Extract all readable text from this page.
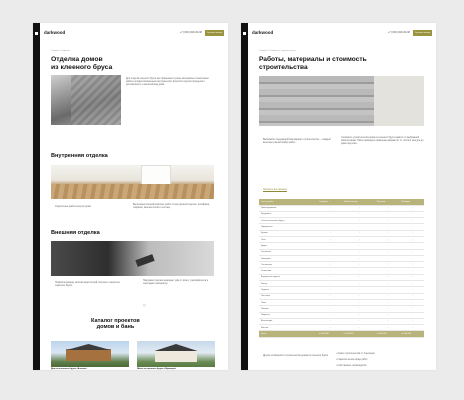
darkwood	+7 (000) 000-00-00	Оставить заявку
Главная / Отделка
Отделка домов
из клееного бруса
Для отделки клееного бруса мы применяем лучшие материалы и выполняем работы профессиональным инструментом. Качество отделки определяет долговечность и внешний вид дома.
Внутренняя отделка
Отделочные работы внутри дома
Выполняем полный комплекс работ по внутренней отделке: шлифовка, покраска, монтаж полов и лестниц.
Внешняя отделка
Покраска фасада, монтаж водосточной системы и защитное покрытие бруса.
Наружная отделка защищает дом от влаги, ультрафиолета и перепадов температур.
◎
Каталог проектов
домов и бань
Дом из клееного бруса «Альпик»	Шале из клееного бруса «Франция»
darkwood	+7 (000) 000-00-00	Оставить заявку
Главная / Стоимость строительства
Работы, материалы и стоимость
строительства
Выбирайте подходящий вам вариант строительства — каждый включает разный набор работ.
Стоимость строительства дома из клееного бруса зависит от выбранной комплектации. Ниже приведено сравнение вариантов: от тёплого контура до дома под ключ.
Смотреть все проекты
Состав работ	Стандарт	Тёплый контур	Под ключ	Премиум
Проектирование	•	•	•	•
Фундамент	•	•	•	•
Стены из клееного бруса	•	•	•	•
Перекрытия	•	•	•	•
Кровля	•	•	•	•
Окна	—	•	•	•
Двери	—	•	•	•
Утепление	—	•	•	•
Электрика	—	—	•	•
Сантехника	—	—	•	•
Отопление	—	—	•	•
Внутренняя отделка	—	—	•	•
Фасад	—	•	•	•
Террасы	—	—	•	•
Лестницы	—	—	•	•
Полы	—	—	•	•
Потолки	—	—	—	•
Покраска	—	—	—	•
Вентиляция	—	—	—	•
Монтаж	—	—	—	•
Итого	от 000 000	от 000 000	от 000 000	от 000 000
Другие особенности строительства домов из клееного бруса
▪ Сроки строительства от 3 месяцев
▪ Гарантия на все виды работ
▪ Собственное производство
